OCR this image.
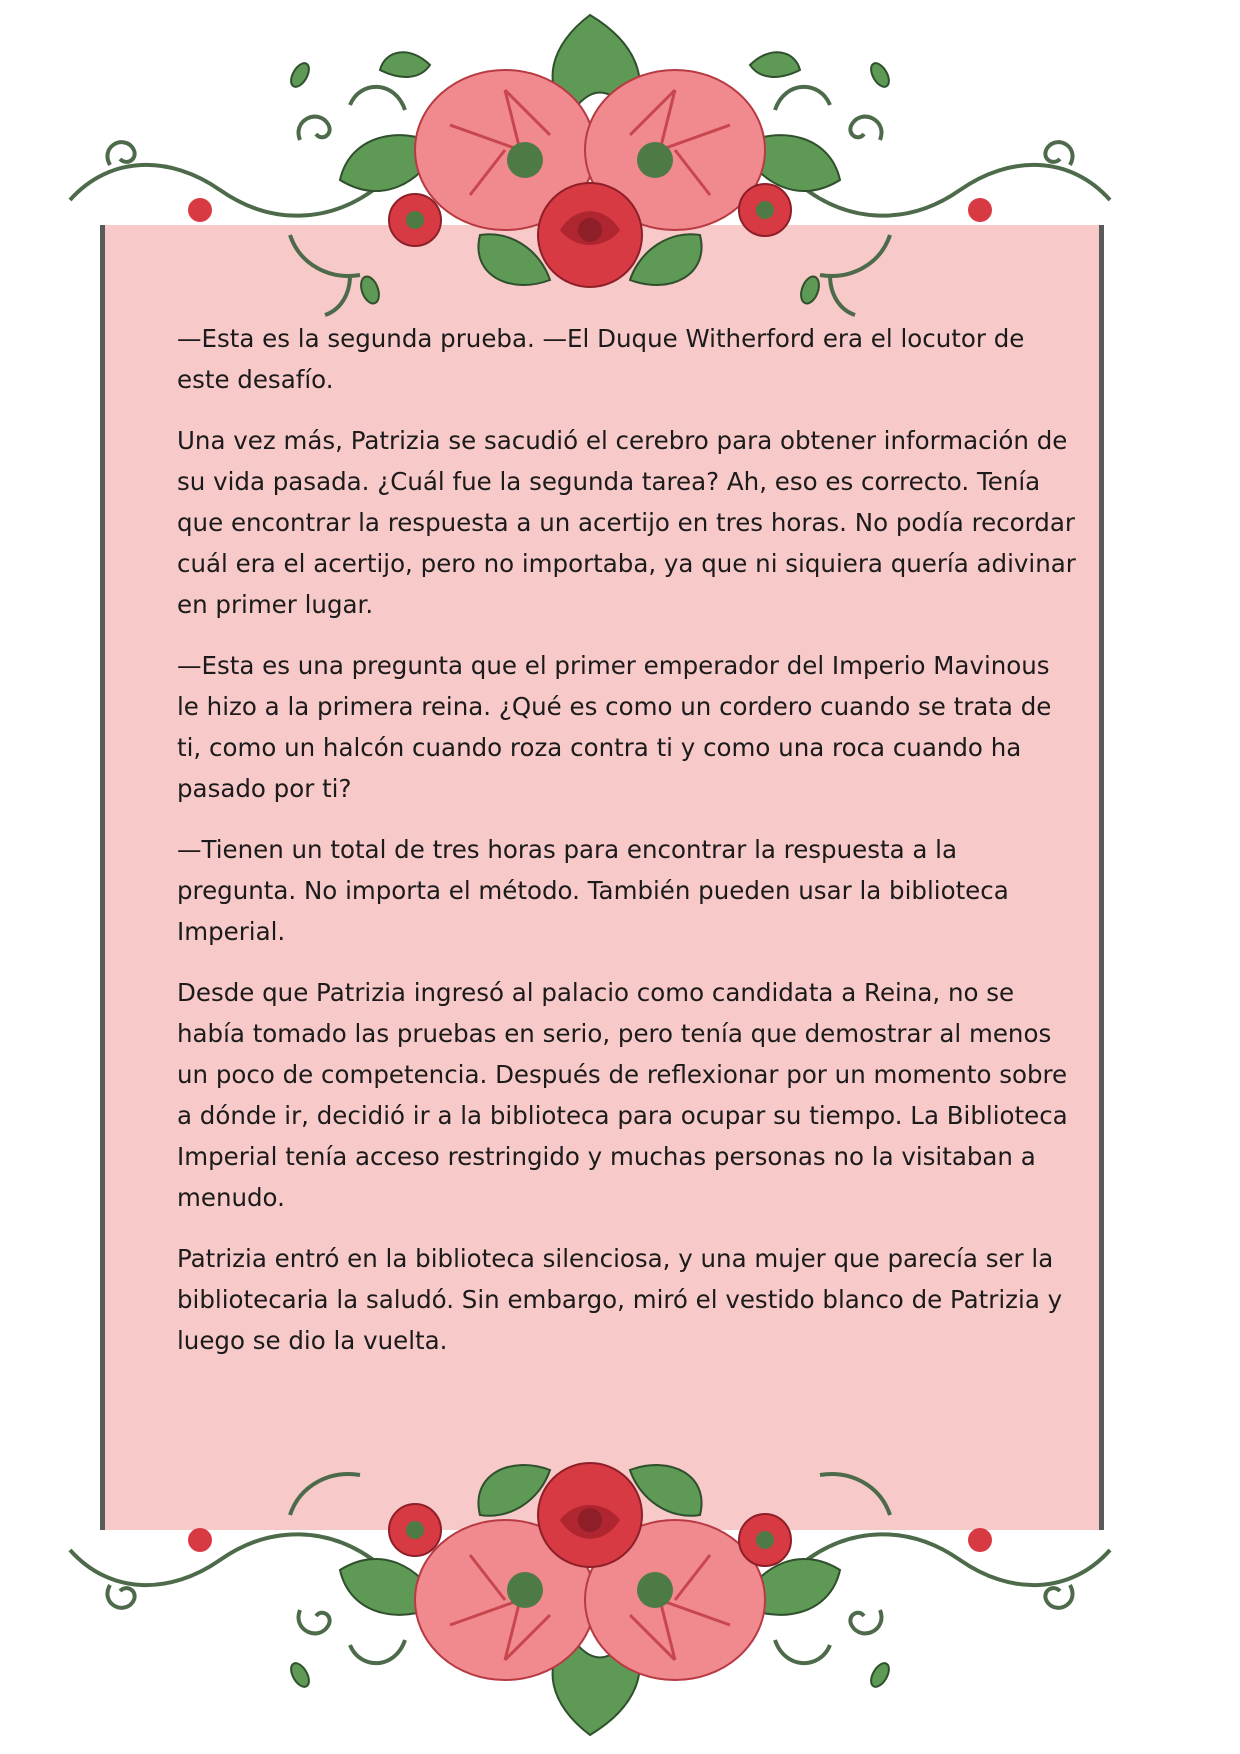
—Esta es la segunda prueba. —El Duque Witherford era el locutor de este desafío.

Una vez más, Patrizia se sacudió el cerebro para obtener información de su vida pasada. ¿Cuál fue la segunda tarea? Ah, eso es correcto. Tenía que encontrar la respuesta a un acertijo en tres horas. No podía recordar cuál era el acertijo, pero no importaba, ya que ni siquiera quería adivinar en primer lugar.

—Esta es una pregunta que el primer emperador del Imperio Mavinous le hizo a la primera reina. ¿Qué es como un cordero cuando se trata de ti, como un halcón cuando roza contra ti y como una roca cuando ha pasado por ti?

—Tienen un total de tres horas para encontrar la respuesta a la pregunta. No importa el método. También pueden usar la biblioteca Imperial.

Desde que Patrizia ingresó al palacio como candidata a Reina, no se había tomado las pruebas en serio, pero tenía que demostrar al menos un poco de competencia. Después de reflexionar por un momento sobre a dónde ir, decidió ir a la biblioteca para ocupar su tiempo. La Biblioteca Imperial tenía acceso restringido y muchas personas no la visitaban a menudo.

Patrizia entró en la biblioteca silenciosa, y una mujer que parecía ser la bibliotecaria la saludó. Sin embargo, miró el vestido blanco de Patrizia y luego se dio la vuelta.
